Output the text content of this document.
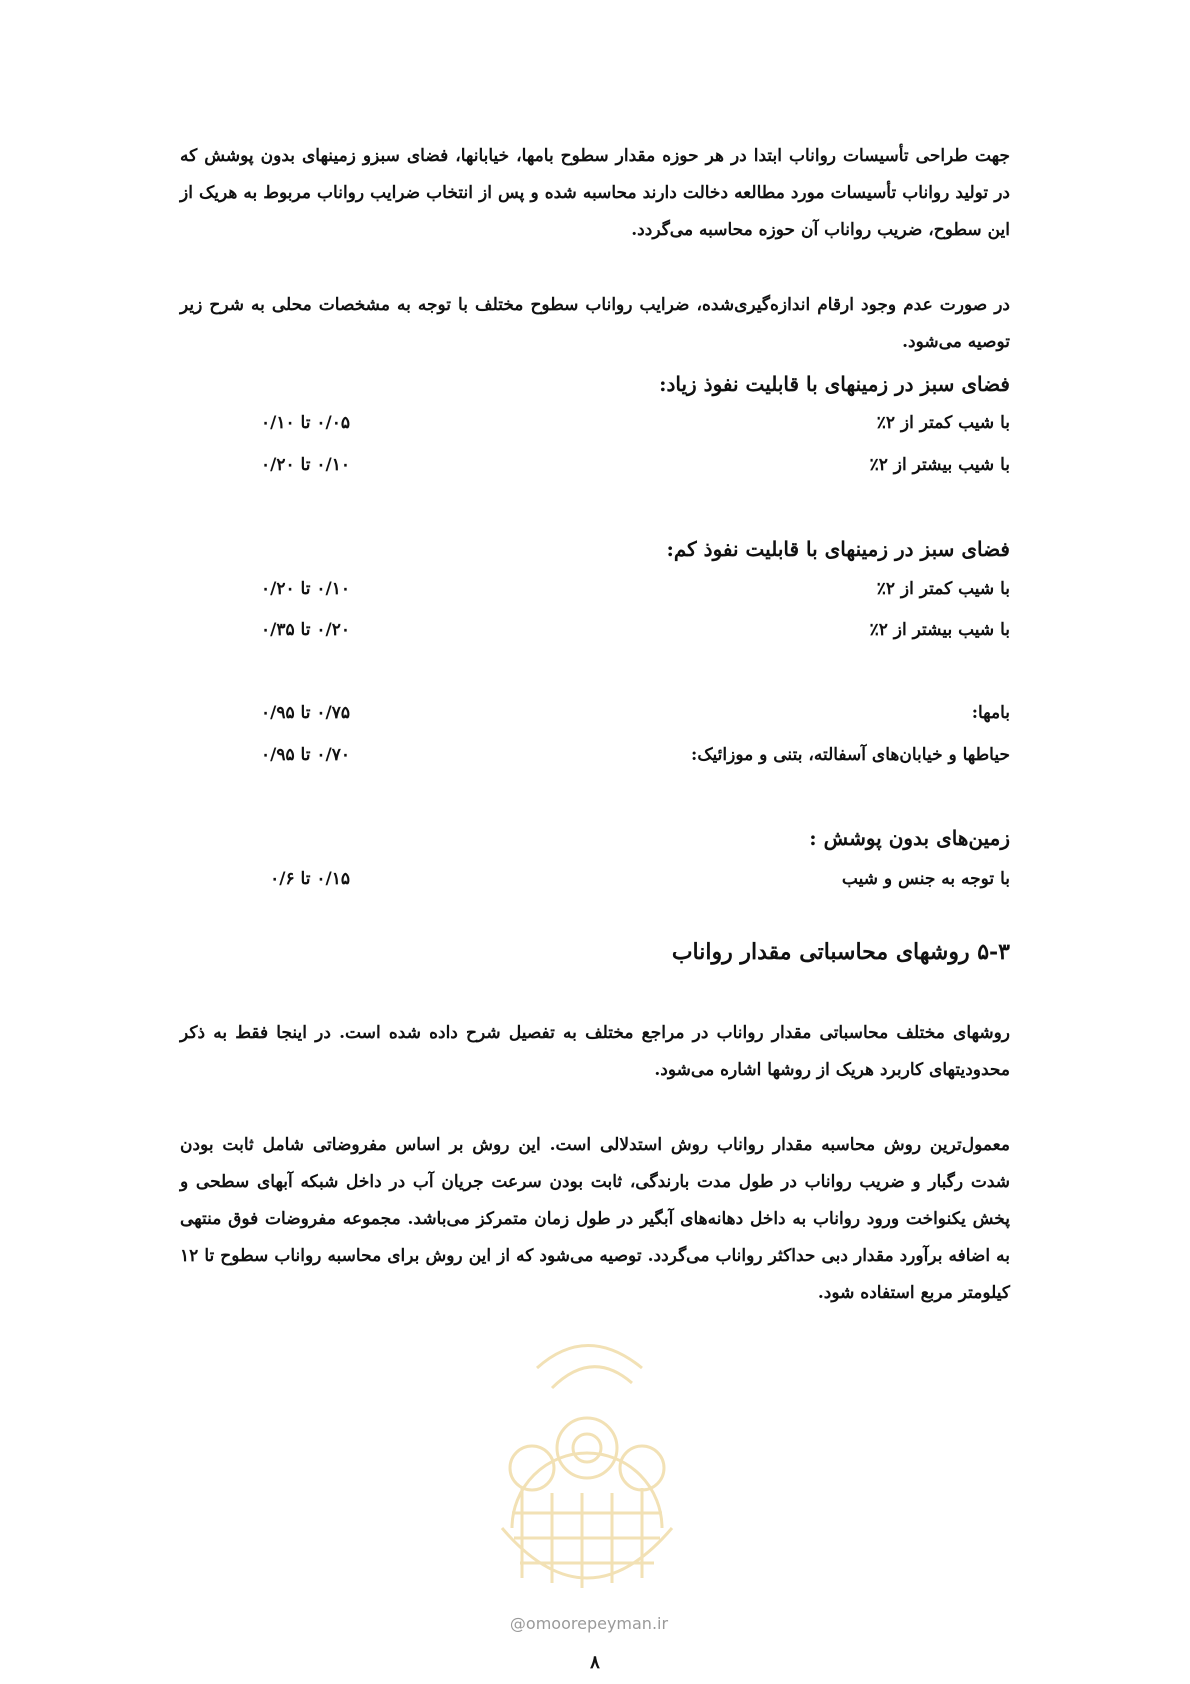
جهت طراحی تأسیسات رواناب ابتدا در هر حوزه مقدار سطوح بامها، خیابانها، فضای سبزو زمینهای بدون پوشش که در تولید رواناب تأسیسات مورد مطالعه دخالت دارند محاسبه شده و پس از انتخاب ضرایب رواناب مربوط به هریک از این سطوح، ضریب رواناب آن حوزه محاسبه می‌گردد.

در صورت عدم وجود ارقام اندازه‌گیری‌شده، ضرایب رواناب سطوح مختلف با توجه به مشخصات محلی به شرح زیر توصیه می‌شود.

فضای سبز در زمینهای با قابلیت نفوذ زیاد:
با شیب کمتر از ۲٪
۰/۰۵ تا ۰/۱۰
با شیب بیشتر از ۲٪
۰/۱۰ تا ۰/۲۰
فضای سبز در زمینهای با قابلیت نفوذ کم:
با شیب کمتر از ۲٪
۰/۱۰ تا ۰/۲۰
با شیب بیشتر از ۲٪
۰/۲۰ تا ۰/۳۵
بامها:
۰/۷۵ تا ۰/۹۵
حیاطها و خیابان‌های آسفالته، بتنی و موزائیک:
۰/۷۰ تا ۰/۹۵
زمین‌های بدون پوشش :
با توجه به جنس و شیب
۰/۱۵ تا ۰/۶
۵-۳ روشهای محاسباتی مقدار رواناب

روشهای مختلف محاسباتی مقدار رواناب در مراجع مختلف به تفصیل شرح داده شده است. در اینجا فقط به ذکر محدودیتهای کاربرد هریک از روشها اشاره می‌شود.

معمول‌ترین روش محاسبه مقدار رواناب روش استدلالی است. این روش بر اساس مفروضاتی شامل ثابت بودن شدت رگبار و ضریب رواناب در طول مدت بارندگی، ثابت بودن سرعت جریان آب در داخل شبکه آبهای سطحی و پخش یکنواخت ورود رواناب به داخل دهانه‌های آبگیر در طول زمان متمرکز می‌باشد. مجموعه مفروضات فوق منتهی به اضافه برآورد مقدار دبی حداکثر رواناب می‌گردد. توصیه می‌شود که از این روش برای محاسبه رواناب سطوح تا ۱۲ کیلومتر مربع استفاده شود.

@omoorepeyman.ir
۸
